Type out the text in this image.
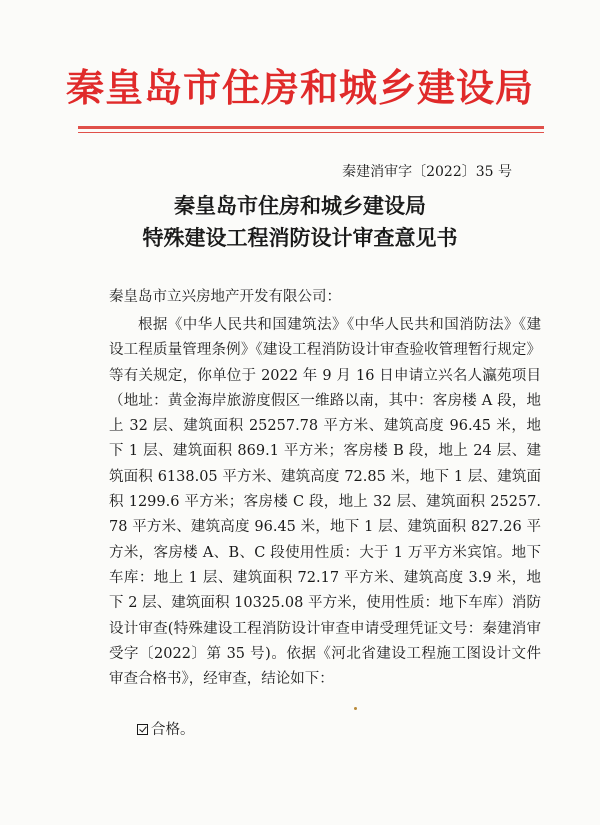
秦皇岛市住房和城乡建设局
秦建消审字〔2022〕35 号
秦皇岛市住房和城乡建设局
特殊建设工程消防设计审查意见书
秦皇岛市立兴房地产开发有限公司：
根据《中华人民共和国建筑法》《中华人民共和国消防法》《建设工程质量管理条例》《建设工程消防设计审查验收管理暂行规定》等有关规定，你单位于 2022 年 9 月 16 日申请立兴名人瀛苑项目（地址：黄金海岸旅游度假区一维路以南，其中：客房楼 A 段，地上 32 层、建筑面积 25257.78 平方米、建筑高度 96.45 米，地下 1 层、建筑面积 869.1 平方米；客房楼 B 段，地上 24 层、建筑面积 6138.05 平方米、建筑高度 72.85 米，地下 1 层、建筑面积 1299.6 平方米；客房楼 C 段，地上 32 层、建筑面积 25257.78 平方米、建筑高度 96.45 米，地下 1 层、建筑面积 827.26 平方米，客房楼 A、B、C 段使用性质：大于 1 万平方米宾馆。地下车库：地上 1 层、建筑面积 72.17 平方米、建筑高度 3.9 米，地下 2 层、建筑面积 10325.08 平方米，使用性质：地下车库）消防设计审查(特殊建设工程消防设计审查申请受理凭证文号：秦建消审受字〔2022〕第 35 号)。依据《河北省建设工程施工图设计文件审查合格书》，经审查，结论如下：
合格。
